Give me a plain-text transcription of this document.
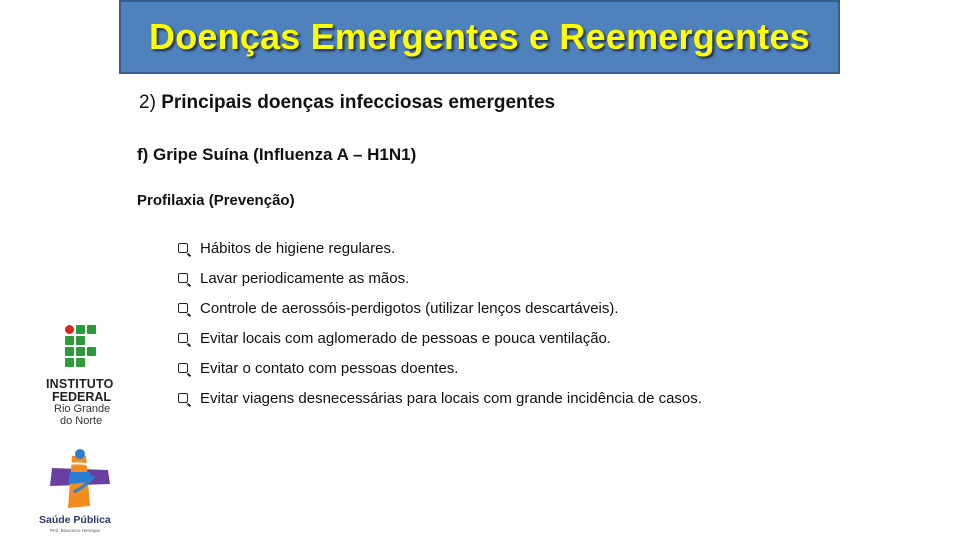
Doenças Emergentes e Reemergentes
2) Principais doenças infecciosas emergentes
f) Gripe Suína (Influenza A – H1N1)
Profilaxia (Prevenção)
Hábitos de higiene regulares.
Lavar periodicamente as mãos.
Controle de aerossóis-perdigotos (utilizar lenços descartáveis).
Evitar locais com aglomerado de pessoas e pouca ventilação.
Evitar o contato com pessoas doentes.
Evitar viagens desnecessárias para locais com grande incidência de casos.
INSTITUTO
FEDERAL
Rio Grande
do Norte
Saúde Pública
Prof. Bioscomo Henrique
